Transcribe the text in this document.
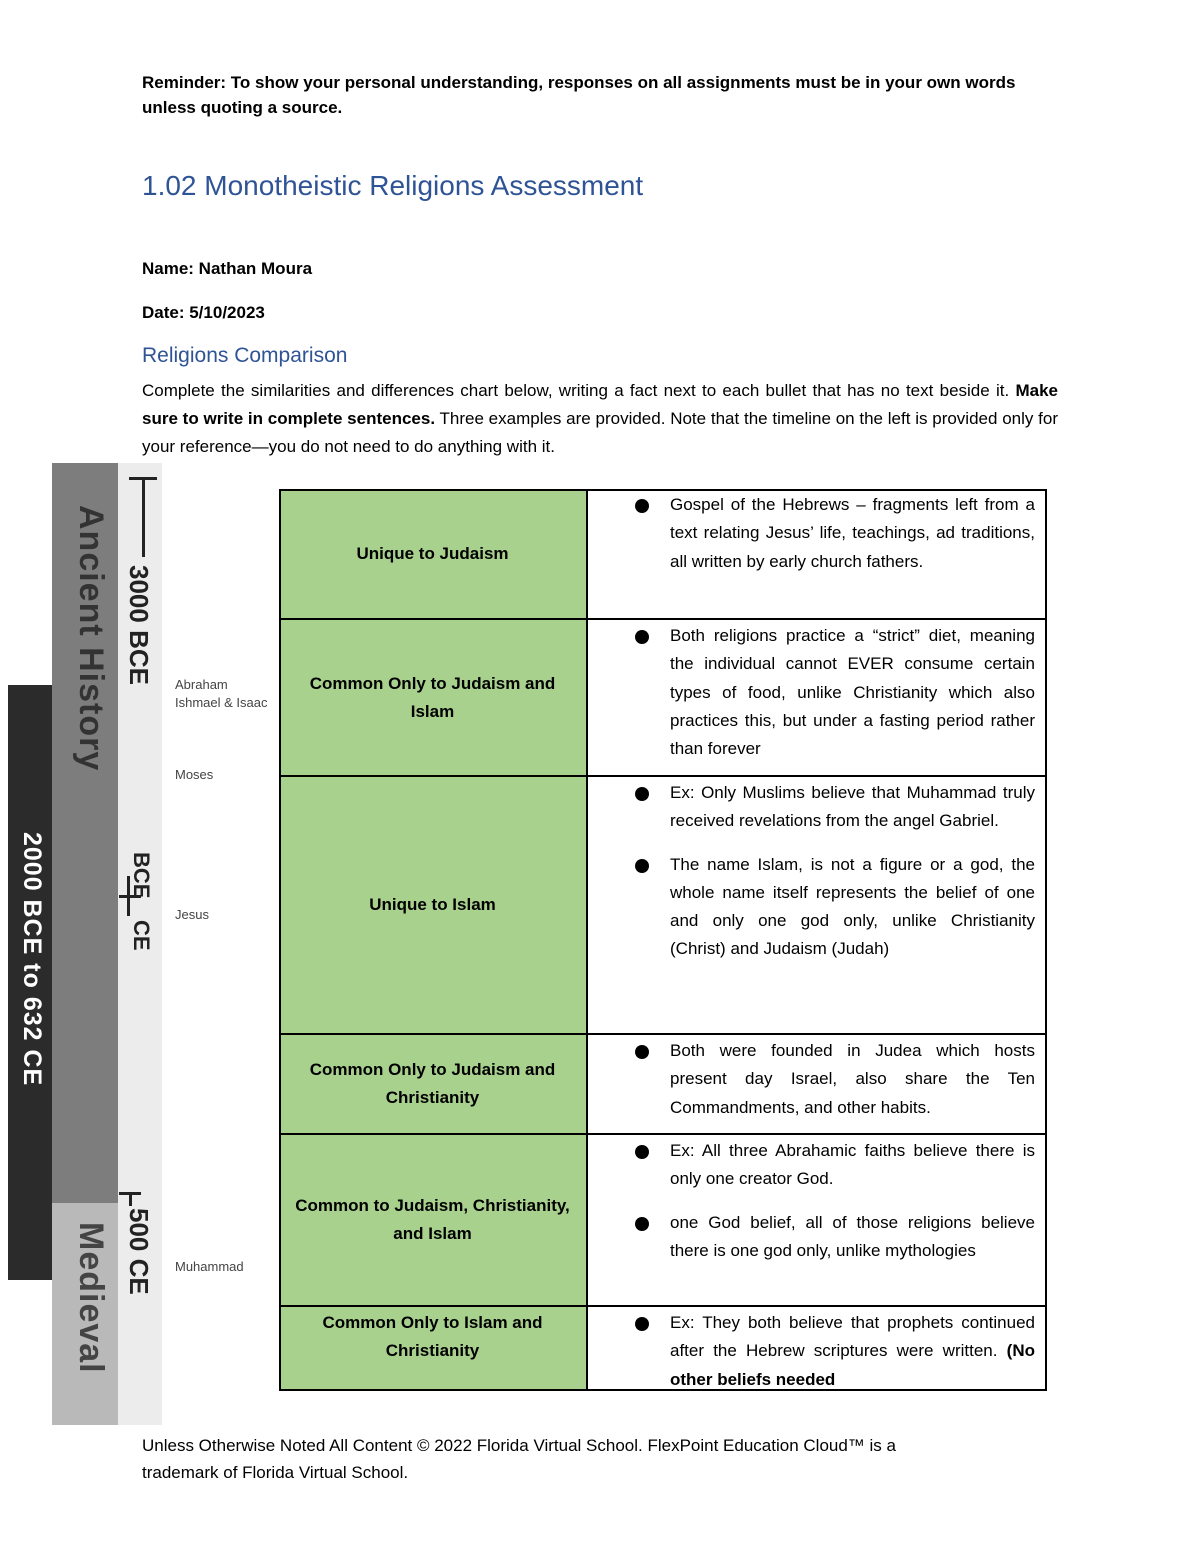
Reminder: To show your personal understanding, responses on all assignments must be in your own words
unless quoting a source.
1.02 Monotheistic Religions Assessment
Name: Nathan Moura
Date: 5/10/2023
Religions Comparison
Complete the similarities and differences chart below, writing a fact next to each bullet that has no text beside it. Make sure to write in complete sentences. Three examples are provided. Note that the timeline on the left is provided only for your reference—you do not need to do anything with it.
Ancient History
Medieval
2000 BCE to 632 CE
3000 BCE
BCE
CE
500 CE
Abraham
Ishmael & Isaac
Moses
Jesus
Muhammad
Unique to Judaism
Gospel of the Hebrews – fragments left from a text relating Jesus’ life, teachings, ad traditions, all written by early church fathers.
Common Only to Judaism and Islam
Both religions practice a “strict” diet, meaning the individual cannot EVER consume certain types of food, unlike Christianity which also practices this, but under a fasting period rather than forever
Unique to Islam
Ex: Only Muslims believe that Muhammad truly received revelations from the angel Gabriel.
The name Islam, is not a figure or a god, the whole name itself represents the belief of one and only one god only, unlike Christianity (Christ) and Judaism (Judah)
Common Only to Judaism and Christianity
Both were founded in Judea which hosts present day Israel, also share the Ten Commandments, and other habits.
Common to Judaism, Christianity, and Islam
Ex: All three Abrahamic faiths believe there is only one creator God.
one God belief, all of those religions believe there is one god only, unlike mythologies
Common Only to Islam and Christianity
Ex: They both believe that prophets continued after the Hebrew scriptures were written. (No other beliefs needed
Unless Otherwise Noted All Content © 2022 Florida Virtual School. FlexPoint Education Cloud™ is a
trademark of Florida Virtual School.
